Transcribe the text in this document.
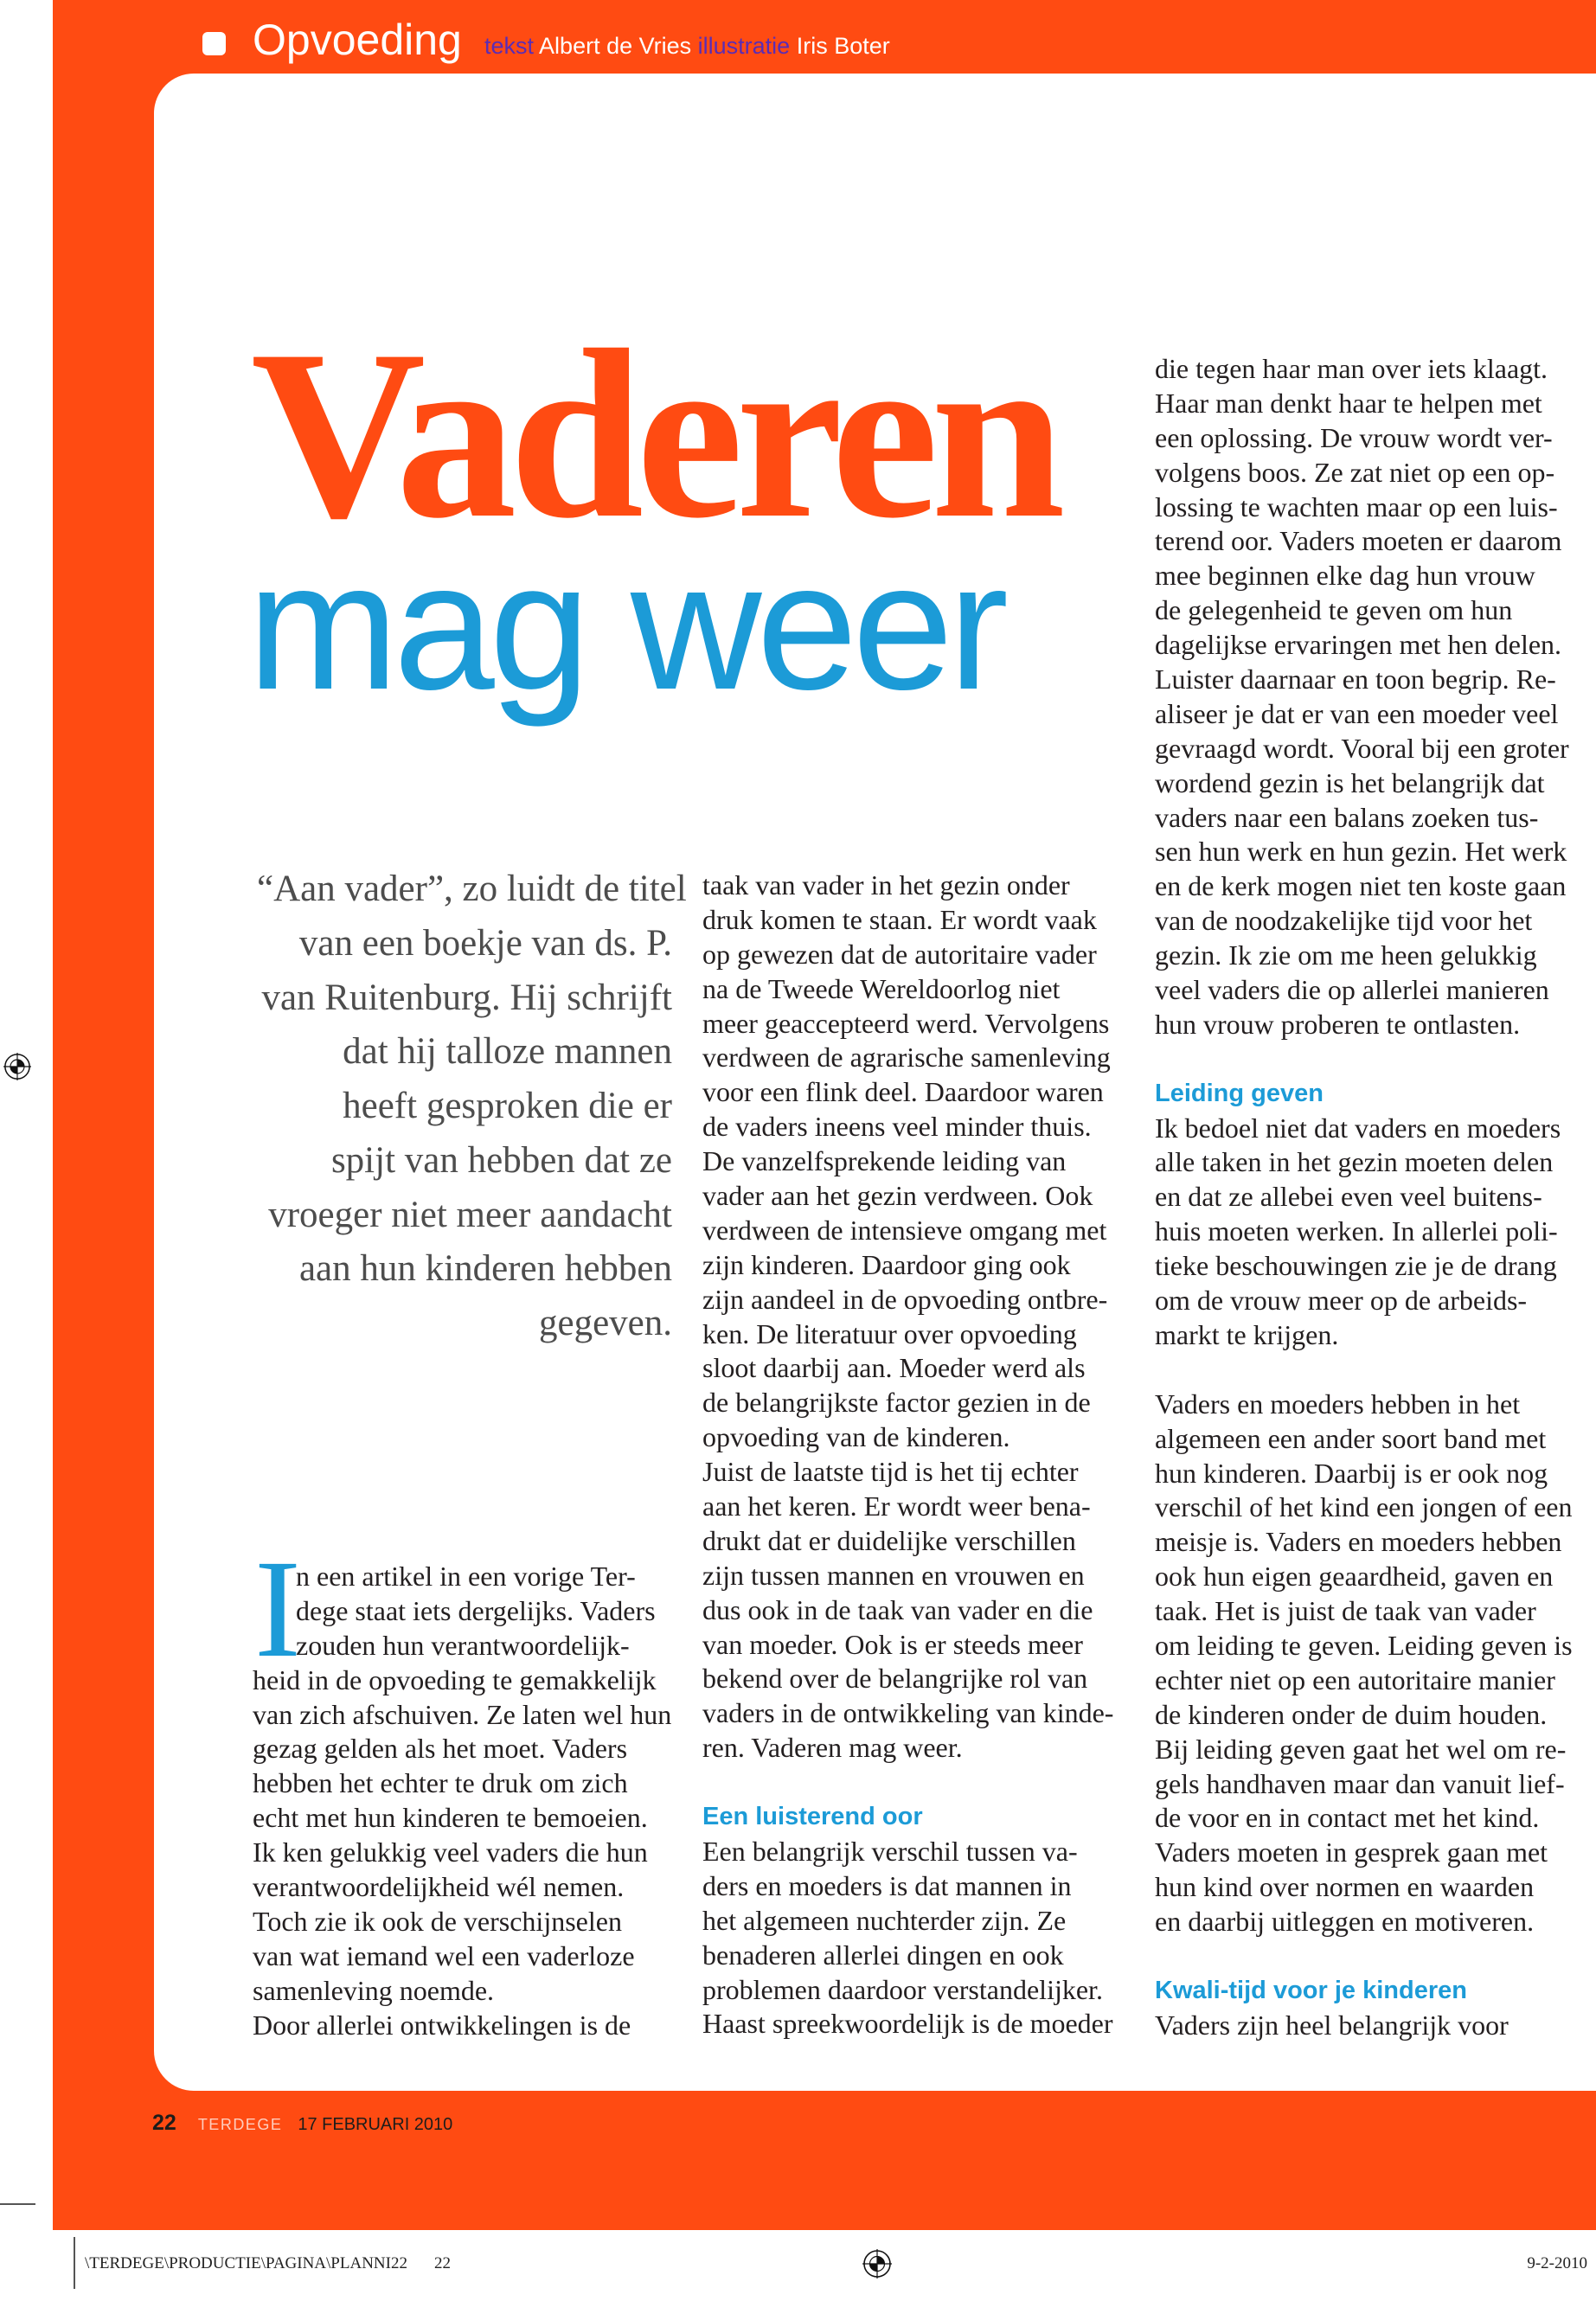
Opvoeding tekst Albert de Vries illustratie Iris Boter
Vaderen
mag weer
“Aan vader”, zo luidt de titel
van een boekje van ds. P.
van Ruitenburg. Hij schrijft
dat hij talloze mannen
heeft gesproken die er
spijt van hebben dat ze
vroeger niet meer aandacht
aan hun kinderen hebben
gegeven.
I
n een artikel in een vorige Ter-
dege staat iets dergelijks. Vaders
zouden hun verantwoordelijk-
heid in de opvoeding te gemakkelijk
van zich afschuiven. Ze laten wel hun
gezag gelden als het moet. Vaders
hebben het echter te druk om zich
echt met hun kinderen te bemoeien.
Ik ken gelukkig veel vaders die hun
verantwoordelijkheid wél nemen.
Toch zie ik ook de verschijnselen
van wat iemand wel een vaderloze
samenleving noemde.
Door allerlei ontwikkelingen is de
taak van vader in het gezin onder
druk komen te staan. Er wordt vaak
op gewezen dat de autoritaire vader
na de Tweede Wereldoorlog niet
meer geaccepteerd werd. Vervolgens
verdween de agrarische samenleving
voor een flink deel. Daardoor waren
de vaders ineens veel minder thuis.
De vanzelfsprekende leiding van
vader aan het gezin verdween. Ook
verdween de intensieve omgang met
zijn kinderen. Daardoor ging ook
zijn aandeel in de opvoeding ontbre-
ken. De literatuur over opvoeding
sloot daarbij aan. Moeder werd als
de belangrijkste factor gezien in de
opvoeding van de kinderen.
Juist de laatste tijd is het tij echter
aan het keren. Er wordt weer bena-
drukt dat er duidelijke verschillen
zijn tussen mannen en vrouwen en
dus ook in de taak van vader en die
van moeder. Ook is er steeds meer
bekend over de belangrijke rol van
vaders in de ontwikkeling van kinde-
ren. Vaderen mag weer.
Een luisterend oor
Een belangrijk verschil tussen va-
ders en moeders is dat mannen in
het algemeen nuchterder zijn. Ze
benaderen allerlei dingen en ook
problemen daardoor verstandelijker.
Haast spreekwoordelijk is de moeder
die tegen haar man over iets klaagt.
Haar man denkt haar te helpen met
een oplossing. De vrouw wordt ver-
volgens boos. Ze zat niet op een op-
lossing te wachten maar op een luis-
terend oor. Vaders moeten er daarom
mee beginnen elke dag hun vrouw
de gelegenheid te geven om hun
dagelijkse ervaringen met hen delen.
Luister daarnaar en toon begrip. Re-
aliseer je dat er van een moeder veel
gevraagd wordt. Vooral bij een groter
wordend gezin is het belangrijk dat
vaders naar een balans zoeken tus-
sen hun werk en hun gezin. Het werk
en de kerk mogen niet ten koste gaan
van de noodzakelijke tijd voor het
gezin. Ik zie om me heen gelukkig
veel vaders die op allerlei manieren
hun vrouw proberen te ontlasten.
Leiding geven
Ik bedoel niet dat vaders en moeders
alle taken in het gezin moeten delen
en dat ze allebei even veel buitens-
huis moeten werken. In allerlei poli-
tieke beschouwingen zie je de drang
om de vrouw meer op de arbeids-
markt te krijgen.
Vaders en moeders hebben in het
algemeen een ander soort band met
hun kinderen. Daarbij is er ook nog
verschil of het kind een jongen of een
meisje is. Vaders en moeders hebben
ook hun eigen geaardheid, gaven en
taak. Het is juist de taak van vader
om leiding te geven. Leiding geven is
echter niet op een autoritaire manier
de kinderen onder de duim houden.
Bij leiding geven gaat het wel om re-
gels handhaven maar dan vanuit lief-
de voor en in contact met het kind.
Vaders moeten in gesprek gaan met
hun kind over normen en waarden
en daarbij uitleggen en motiveren.
Kwali-tijd voor je kinderen
Vaders zijn heel belangrijk voor
22 TERDEGE 17 FEBRUARI 2010
\TERDEGE\PRODUCTIE\PAGINA\PLANNI22 22	9-2-2010
